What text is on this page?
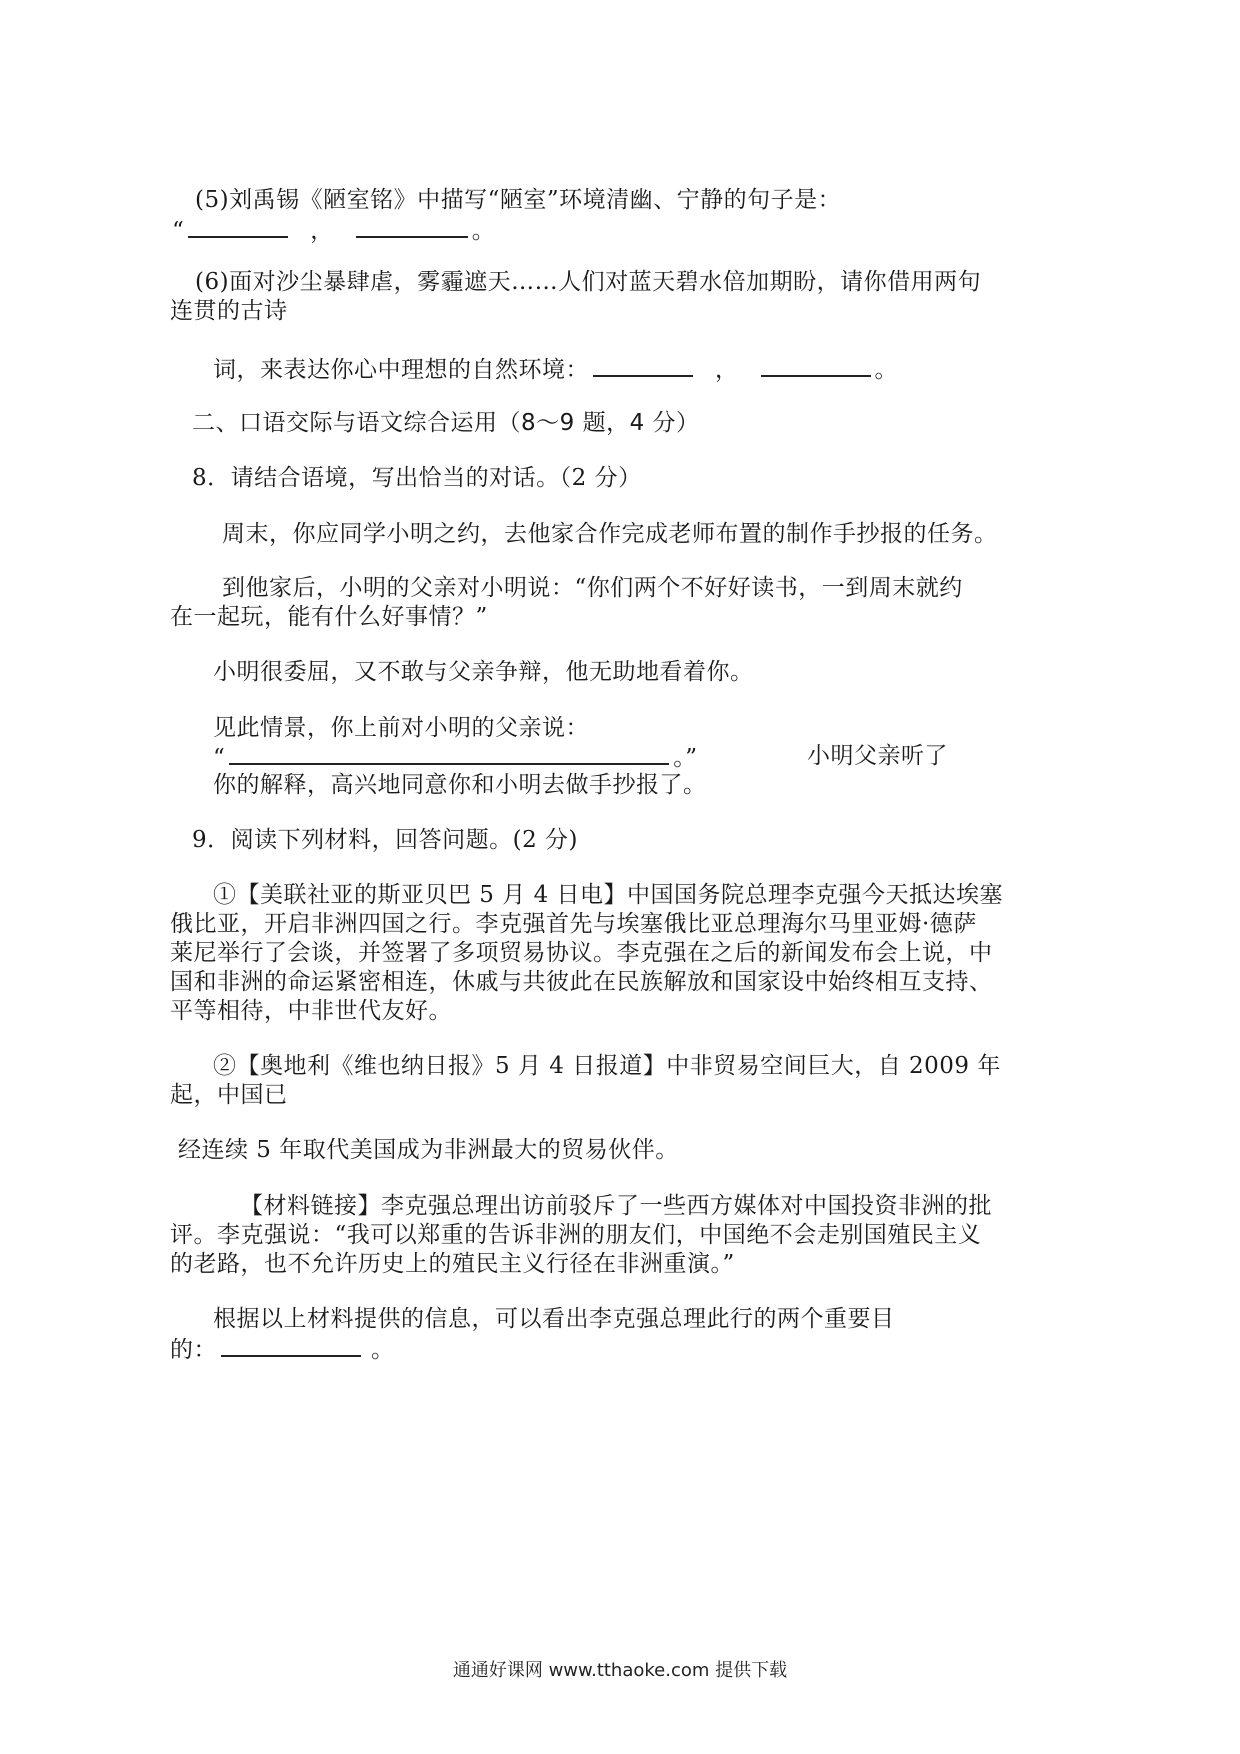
(5)刘禹锡《陋室铭》中描写“陋室”环境清幽、宁静的句子是：
“	，	。
(6)面对沙尘暴肆虐，雾霾遮天……人们对蓝天碧水倍加期盼，请你借用两句
连贯的古诗
词，来表达你心中理想的自然环境：	，	。
二、口语交际与语文综合运用（8～9 题，4 分）
8．请结合语境，写出恰当的对话。（2 分）
周末，你应同学小明之约，去他家合作完成老师布置的制作手抄报的任务。
到他家后，小明的父亲对小明说：“你们两个不好好读书，一到周末就约
在一起玩，能有什么好事情？”
小明很委屈，又不敢与父亲争辩，他无助地看着你。
见此情景，你上前对小明的父亲说：
“	。”	小明父亲听了
你的解释，高兴地同意你和小明去做手抄报了。
9．阅读下列材料，回答问题。(2 分)
①【美联社亚的斯亚贝巴 5 月 4 日电】中国国务院总理李克强今天抵达埃塞
俄比亚，开启非洲四国之行。李克强首先与埃塞俄比亚总理海尔马里亚姆·德萨
莱尼举行了会谈，并签署了多项贸易协议。李克强在之后的新闻发布会上说，中
国和非洲的命运紧密相连，休戚与共彼此在民族解放和国家设中始终相互支持、
平等相待，中非世代友好。
②【奥地利《维也纳日报》5 月 4 日报道】中非贸易空间巨大，自 2009 年
起，中国已
经连续 5 年取代美国成为非洲最大的贸易伙伴。
【材料链接】李克强总理出访前驳斥了一些西方媒体对中国投资非洲的批
评。李克强说：“我可以郑重的告诉非洲的朋友们，中国绝不会走别国殖民主义
的老路，也不允许历史上的殖民主义行径在非洲重演。”
根据以上材料提供的信息，可以看出李克强总理此行的两个重要目
的：	。
通通好课网 www.tthaoke.com 提供下载
